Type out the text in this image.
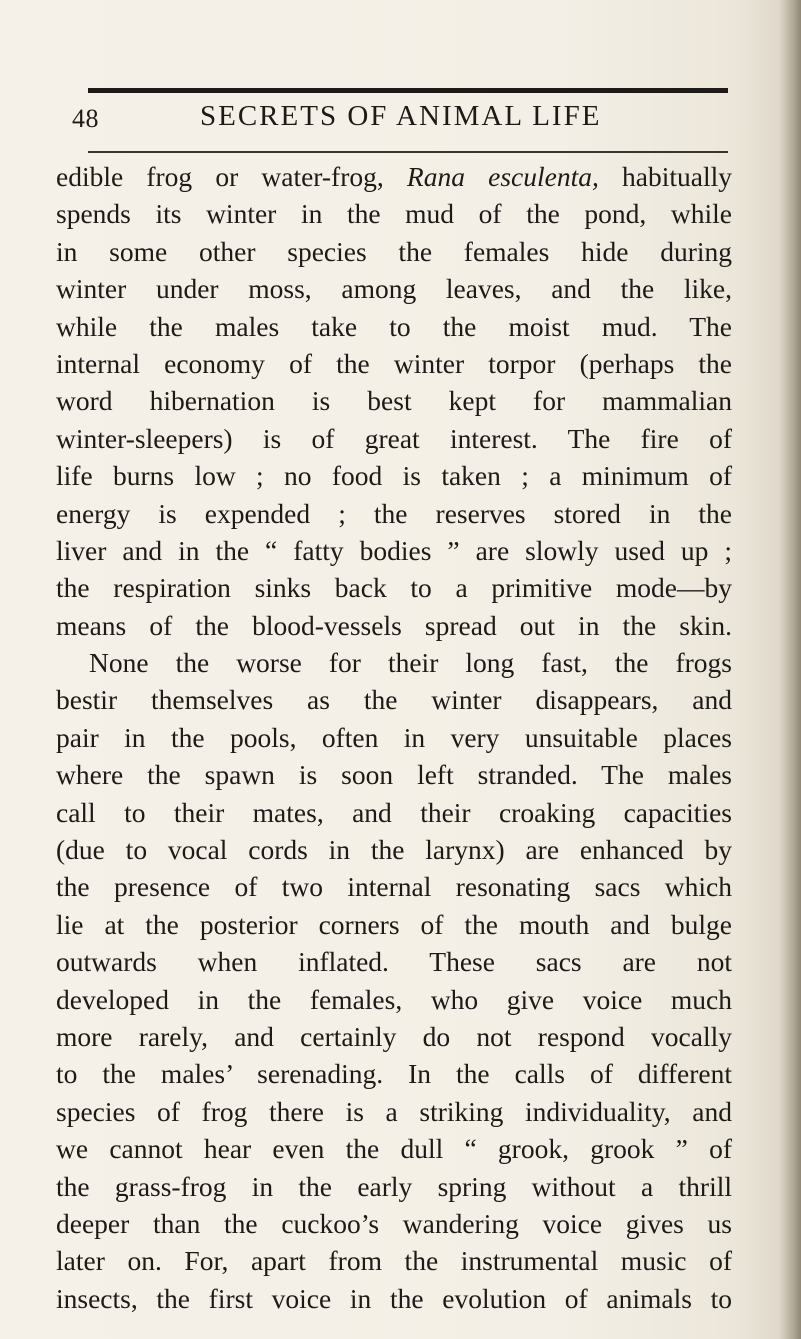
48	SECRETS OF ANIMAL LIFE
edible frog or water-frog, Rana esculenta, habitually
spends its winter in the mud of the pond, while
in some other species the females hide during
winter under moss, among leaves, and the like,
while the males take to the moist mud. The
internal economy of the winter torpor (perhaps the
word hibernation is best kept for mammalian
winter-sleepers) is of great interest. The fire of
life burns low ; no food is taken ; a minimum of
energy is expended ; the reserves stored in the
liver and in the “ fatty bodies ” are slowly used up ;
the respiration sinks back to a primitive mode—by
means of the blood-vessels spread out in the skin.
None the worse for their long fast, the frogs
bestir themselves as the winter disappears, and
pair in the pools, often in very unsuitable places
where the spawn is soon left stranded. The males
call to their mates, and their croaking capacities
(due to vocal cords in the larynx) are enhanced by
the presence of two internal resonating sacs which
lie at the posterior corners of the mouth and bulge
outwards when inflated. These sacs are not
developed in the females, who give voice much
more rarely, and certainly do not respond vocally
to the males’ serenading. In the calls of different
species of frog there is a striking individuality, and
we cannot hear even the dull “ grook, grook ” of
the grass-frog in the early spring without a thrill
deeper than the cuckoo’s wandering voice gives us
later on. For, apart from the instrumental music of
insects, the first voice in the evolution of animals to
